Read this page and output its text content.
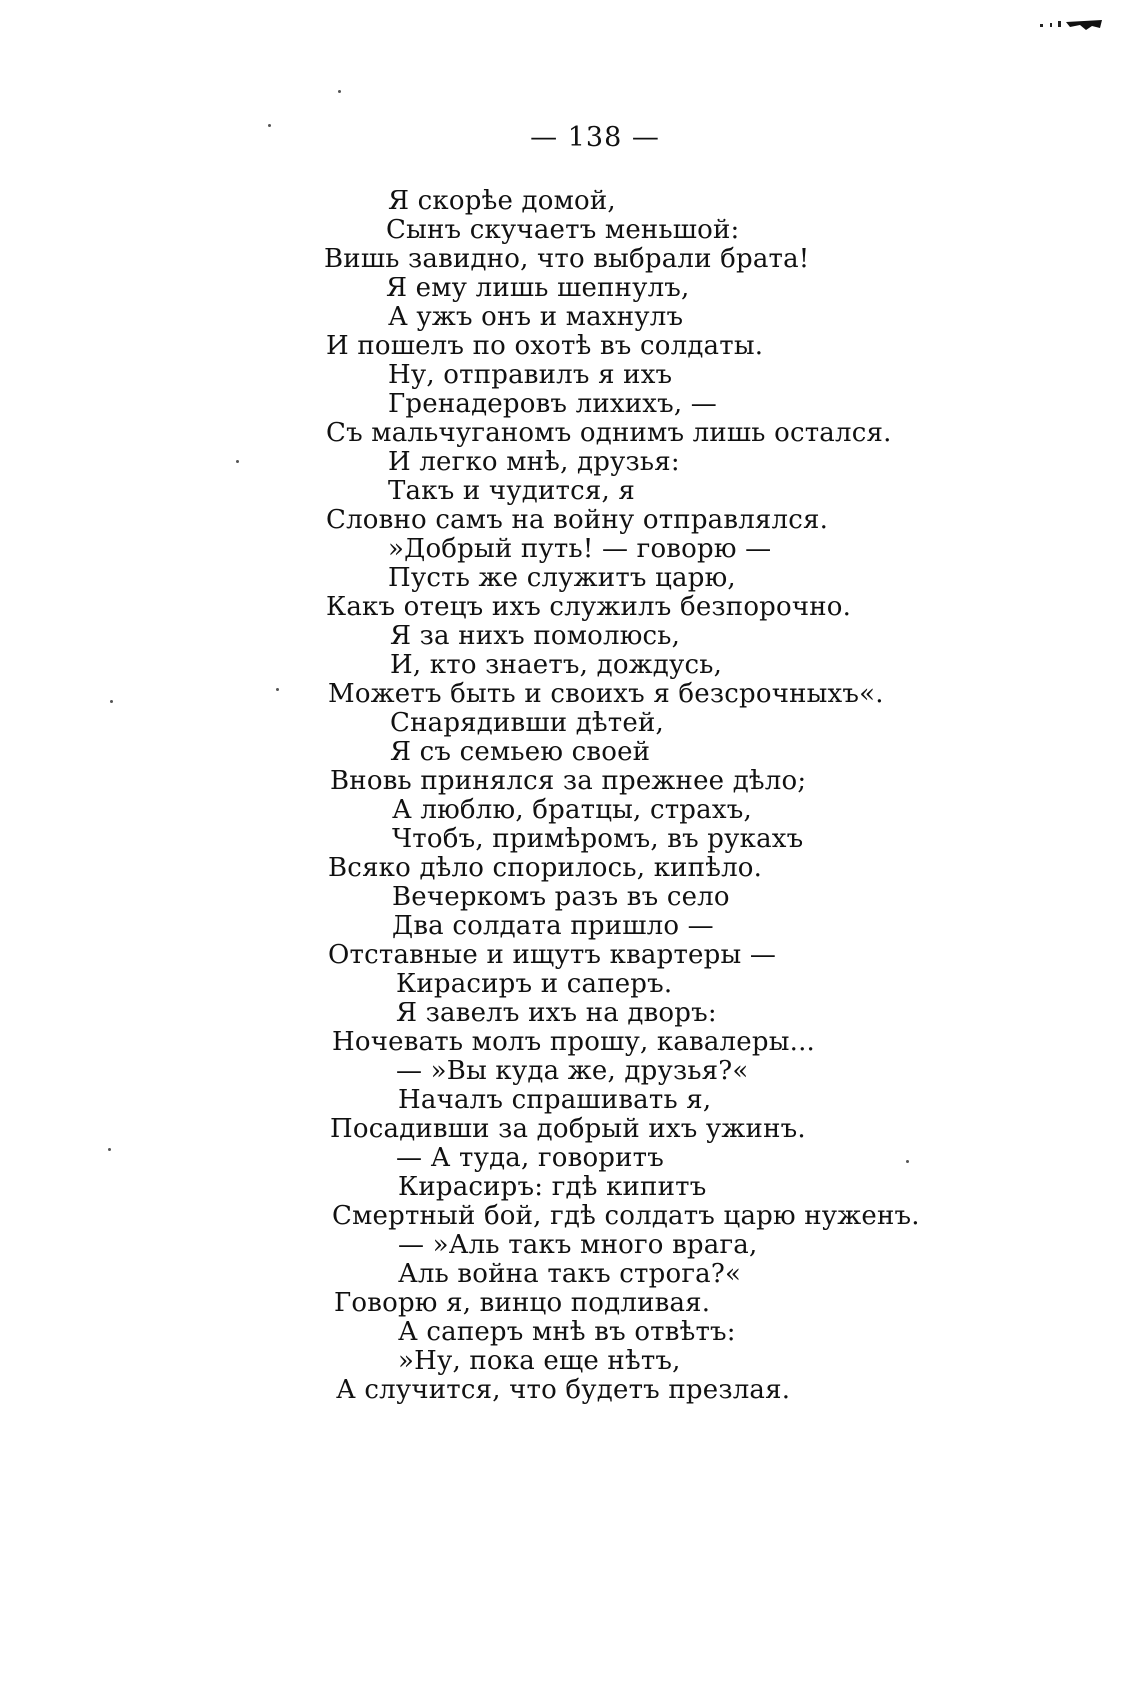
— 138 —
Я скорѣе домой,
Сынъ скучаетъ меньшой:
Вишь завидно, что выбрали брата!
Я ему лишь шепнулъ,
А ужъ онъ и махнулъ
И пошелъ по охотѣ въ солдаты.
Ну, отправилъ я ихъ
Гренадеровъ лихихъ, —
Съ мальчуганомъ однимъ лишь остался.
И легко мнѣ, друзья:
Такъ и чудится, я
Словно самъ на войну отправлялся.
»Добрый путь! — говорю —
Пусть же служитъ царю,
Какъ отецъ ихъ служилъ безпорочно.
Я за нихъ помолюсь,
И, кто знаетъ, дождусь,
Можетъ быть и своихъ я безсрочныхъ«.
Снарядивши дѣтей,
Я съ семьею своей
Вновь принялся за прежнее дѣло;
А люблю, братцы, страхъ,
Чтобъ, примѣромъ, въ рукахъ
Всяко дѣло спорилось, кипѣло.
Вечеркомъ разъ въ село
Два солдата пришло —
Отставные и ищутъ квартеры —
Кирасиръ и саперъ.
Я завелъ ихъ на дворъ:
Ночевать молъ прошу, кавалеры...
— »Вы куда же, друзья?«
Началъ спрашивать я,
Посадивши за добрый ихъ ужинъ.
— А туда, говоритъ
Кирасиръ: гдѣ кипитъ
Смертный бой, гдѣ солдатъ царю нуженъ.
— »Аль такъ много врага,
Аль война такъ строга?«
Говорю я, винцо подливая.
А саперъ мнѣ въ отвѣтъ:
»Ну, пока еще нѣтъ,
А случится, что будетъ презлая.
